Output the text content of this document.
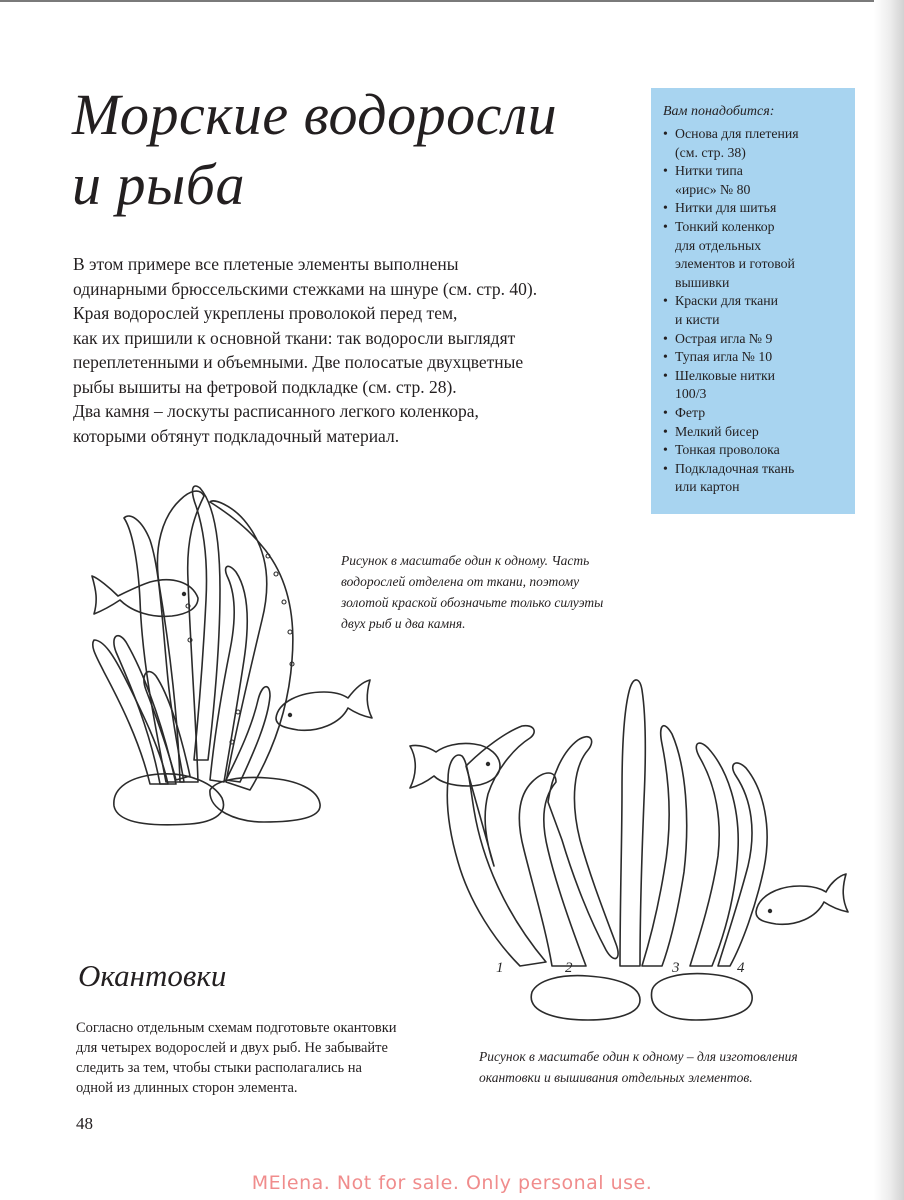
Морские водоросли
и рыба
В этом примере все плетеные элементы выполнены
одинарными брюссельскими стежками на шнуре (см. стр. 40).
Края водорослей укреплены проволокой перед тем,
как их пришили к основной ткани: так водоросли выглядят
переплетенными и объемными. Две полосатые двухцветные
рыбы вышиты на фетровой подкладке (см. стр. 28).
Два камня – лоскуты расписанного легкого коленкора,
которыми обтянут подкладочный материал.
Вам понадобится:
• Основа для плетения
(см. стр. 38)
• Нитки типа
«ирис» № 80
• Нитки для шитья
• Тонкий коленкор
для отдельных
элементов и готовой
вышивки
• Краски для ткани
и кисти
• Острая игла № 9
• Тупая игла № 10
• Шелковые нитки
100/3
• Фетр
• Мелкий бисер
• Тонкая проволока
• Подкладочная ткань
или картон
Рисунок в масштабе один к одному. Часть
водорослей отделена от ткани, поэтому
золотой краской обозначьте только силуэты
двух рыб и два камня.
1	2	3	4
Окантовки
Согласно отдельным схемам подготовьте окантовки
для четырех водорослей и двух рыб. Не забывайте
следить за тем, чтобы стыки располагались на
одной из длинных сторон элемента.
Рисунок в масштабе один к одному – для изготовления
окантовки и вышивания отдельных элементов.
48
MElena. Not for sale. Only personal use.
